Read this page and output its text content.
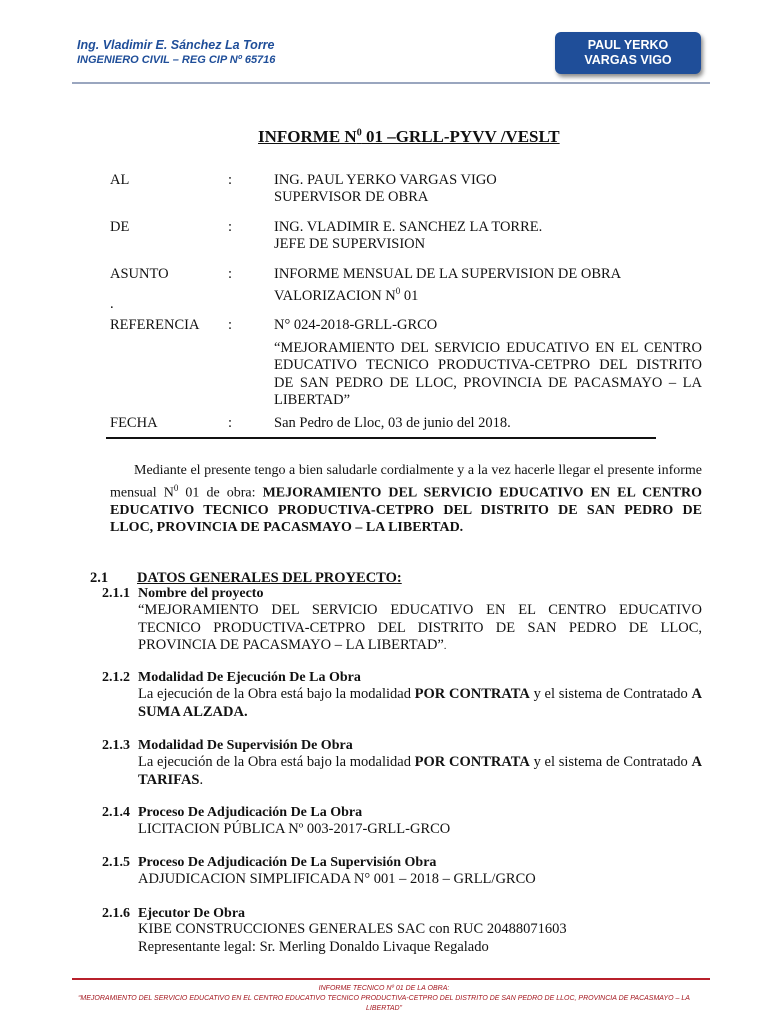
Ing. Vladimir E. Sánchez La Torre
INGENIERO CIVIL – REG CIP Nº 65716
PAUL YERKO
VARGAS VIGO
INFORME $N^0$ 01 –GRLL-PYVV /VESLT
AL	:	ING. PAUL YERKO VARGAS VIGO
SUPERVISOR DE OBRA
DE	:	ING. VLADIMIR E. SANCHEZ LA TORRE.
JEFE DE SUPERVISION
ASUNTO	:	INFORME MENSUAL DE LA SUPERVISION DE OBRA
VALORIZACION $N^0$ 01
.
REFERENCIA :	N° 024-2018-GRLL-GRCO
“MEJORAMIENTO DEL SERVICIO EDUCATIVO EN EL CENTRO EDUCATIVO TECNICO PRODUCTIVA-CETPRO DEL DISTRITO DE SAN PEDRO DE LLOC, PROVINCIA DE PACASMAYO – LA LIBERTAD”
FECHA	:	San Pedro de Lloc, 03 de junio del 2018.
Mediante el presente tengo a bien saludarle cordialmente y a la vez hacerle llegar el presente informe mensual $N^0$ 01 de obra: MEJORAMIENTO DEL SERVICIO EDUCATIVO EN EL CENTRO EDUCATIVO TECNICO PRODUCTIVA-CETPRO DEL DISTRITO DE SAN PEDRO DE LLOC, PROVINCIA DE PACASMAYO – LA LIBERTAD.
2.1 DATOS GENERALES DEL PROYECTO:
2.1.1 Nombre del proyecto
“MEJORAMIENTO DEL SERVICIO EDUCATIVO EN EL CENTRO EDUCATIVO TECNICO PRODUCTIVA-CETPRO DEL DISTRITO DE SAN PEDRO DE LLOC, PROVINCIA DE PACASMAYO – LA LIBERTAD”.
2.1.2 Modalidad De Ejecución De La Obra
La ejecución de la Obra está bajo la modalidad POR CONTRATA y el sistema de Contratado A SUMA ALZADA.
2.1.3 Modalidad De Supervisión De Obra
La ejecución de la Obra está bajo la modalidad POR CONTRATA y el sistema de Contratado A TARIFAS.
2.1.4 Proceso De Adjudicación De La Obra
LICITACION PÚBLICA Nº 003-2017-GRLL-GRCO
2.1.5 Proceso De Adjudicación De La Supervisión Obra
ADJUDICACION SIMPLIFICADA N° 001 – 2018 – GRLL/GRCO
2.1.6 Ejecutor De Obra
KIBE CONSTRUCCIONES GENERALES SAC con RUC 20488071603
Representante legal: Sr. Merling Donaldo Livaque Regalado
INFORME TECNICO Nº 01 DE LA OBRA:
“MEJORAMIENTO DEL SERVICIO EDUCATIVO EN EL CENTRO EDUCATIVO TECNICO PRODUCTIVA-CETPRO DEL DISTRITO DE SAN PEDRO DE LLOC, PROVINCIA DE PACASMAYO – LA
LIBERTAD”
